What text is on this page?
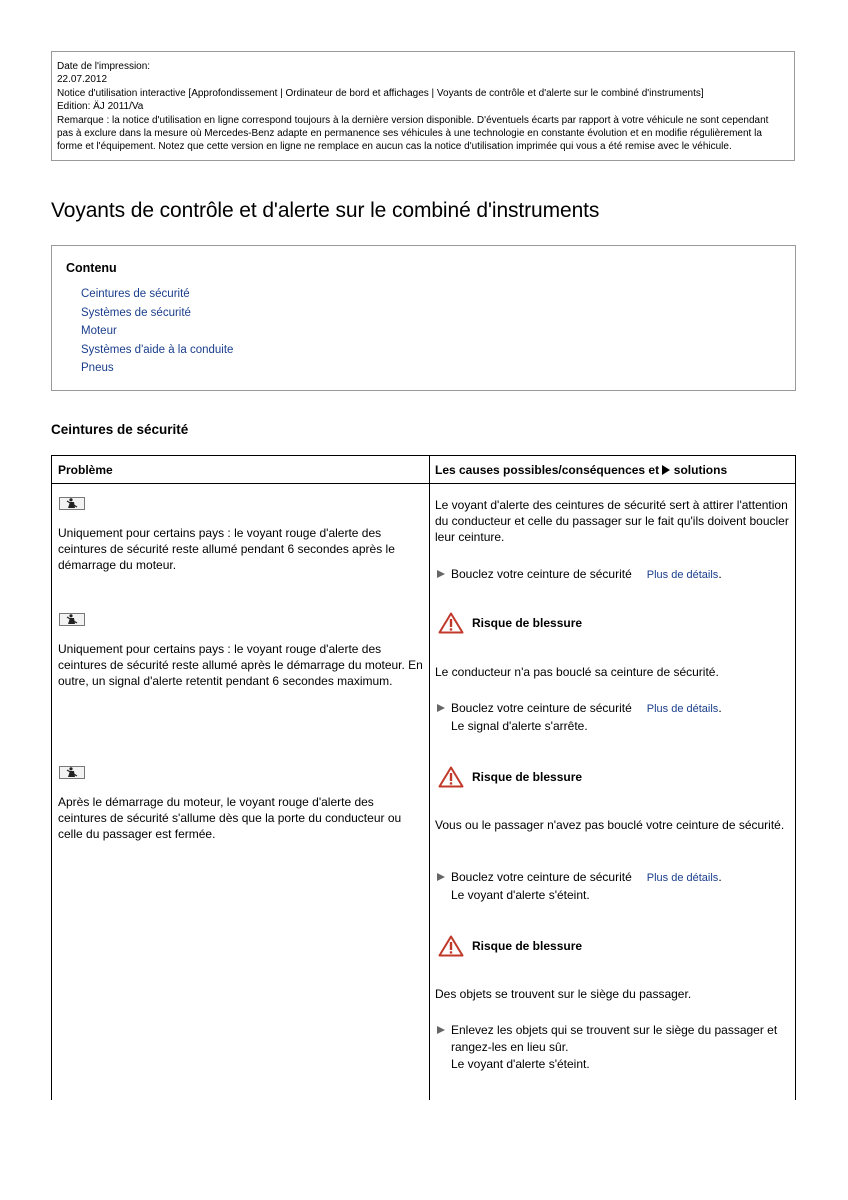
Date de l'impression:
22.07.2012
Notice d'utilisation interactive [Approfondissement | Ordinateur de bord et affichages | Voyants de contrôle et d'alerte sur le combiné d'instruments]
Edition: ÄJ 2011/Va
Remarque : la notice d'utilisation en ligne correspond toujours à la dernière version disponible. D'éventuels écarts par rapport à votre véhicule ne sont cependant pas à exclure dans la mesure où Mercedes-Benz adapte en permanence ses véhicules à une technologie en constante évolution et en modifie régulièrement la forme et l'équipement. Notez que cette version en ligne ne remplace en aucun cas la notice d'utilisation imprimée qui vous a été remise avec le véhicule.
Voyants de contrôle et d'alerte sur le combiné d'instruments
Contenu
Ceintures de sécurité
Systèmes de sécurité
Moteur
Systèmes d'aide à la conduite
Pneus
Ceintures de sécurité
Problème	Les causes possibles/conséquences et solutions
Uniquement pour certains pays : le voyant rouge d'alerte des ceintures de sécurité reste allumé pendant 6 secondes après le démarrage du moteur.
Le voyant d'alerte des ceintures de sécurité sert à attirer l'attention du conducteur et celle du passager sur le fait qu'ils doivent boucler leur ceinture.
Bouclez votre ceinture de sécurité Plus de détails.
Uniquement pour certains pays : le voyant rouge d'alerte des ceintures de sécurité reste allumé après le démarrage du moteur. En outre, un signal d'alerte retentit pendant 6 secondes maximum.
Risque de blessure
Le conducteur n'a pas bouclé sa ceinture de sécurité.
Bouclez votre ceinture de sécurité Plus de détails.
Le signal d'alerte s'arrête.
Après le démarrage du moteur, le voyant rouge d'alerte des ceintures de sécurité s'allume dès que la porte du conducteur ou celle du passager est fermée.
Risque de blessure
Vous ou le passager n'avez pas bouclé votre ceinture de sécurité.
Bouclez votre ceinture de sécurité Plus de détails.
Le voyant d'alerte s'éteint.
Risque de blessure
Des objets se trouvent sur le siège du passager.
Enlevez les objets qui se trouvent sur le siège du passager et rangez-les en lieu sûr.
Le voyant d'alerte s'éteint.
